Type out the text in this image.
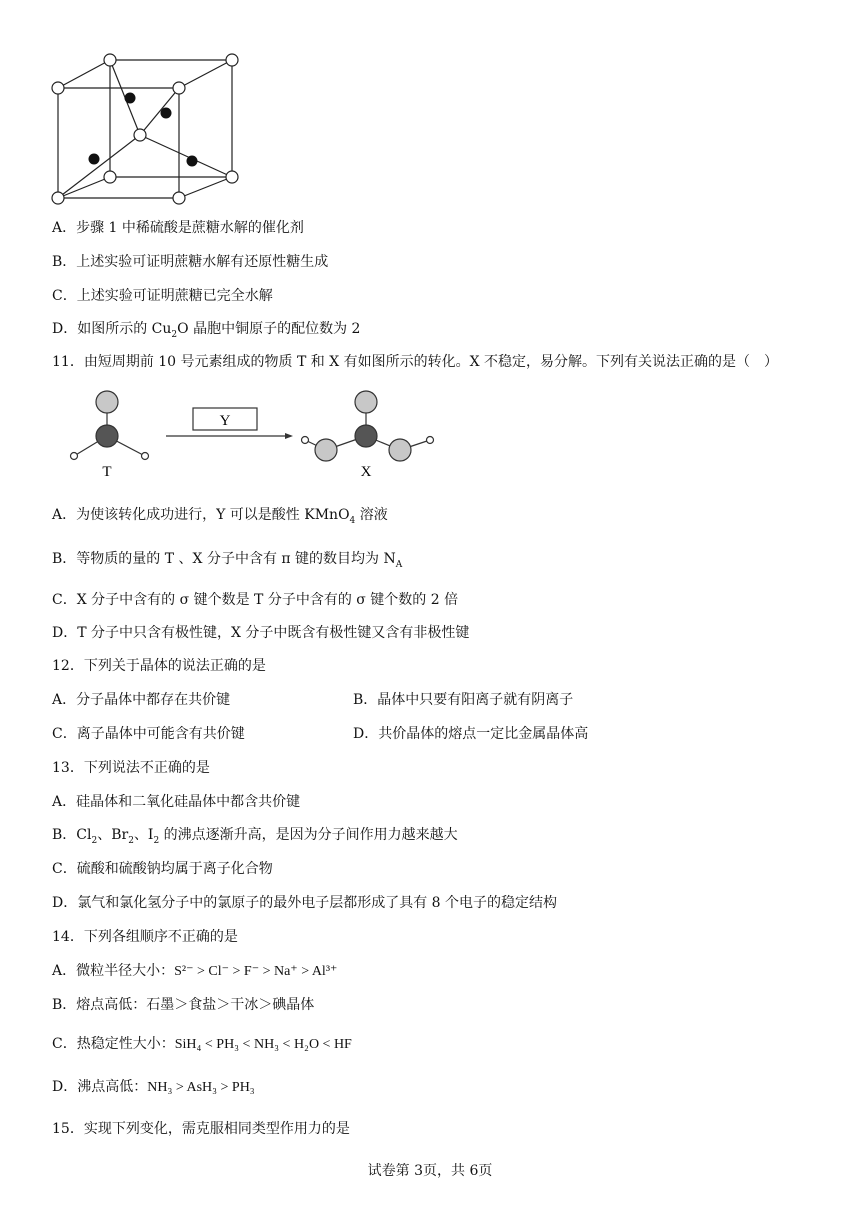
A．步骤 1 中稀硫酸是蔗糖水解的催化剂
B．上述实验可证明蔗糖水解有还原性糖生成
C．上述实验可证明蔗糖已完全水解
D．如图所示的 $Cu_2O$ 晶胞中铜原子的配位数为 2
11．由短周期前 10 号元素组成的物质 T 和 X 有如图所示的转化。X 不稳定，易分解。下列有关说法正确的是（　）
Y
T	X
A．为使该转化成功进行，Y 可以是酸性 KMnO$_4$ 溶液
B．等物质的量的 T 、X 分子中含有 π 键的数目均为 $N_A$
C．X 分子中含有的 σ 键个数是 T 分子中含有的 σ 键个数的 2 倍
D．T 分子中只含有极性键，X 分子中既含有极性键又含有非极性键
12．下列关于晶体的说法正确的是
A．分子晶体中都存在共价键	B．晶体中只要有阳离子就有阴离子
C．离子晶体中可能含有共价键	D．共价晶体的熔点一定比金属晶体高
13．下列说法不正确的是
A．硅晶体和二氧化硅晶体中都含共价键
B．$Cl_2$、$Br_2$、$I_2$ 的沸点逐渐升高，是因为分子间作用力越来越大
C．硫酸和硫酸钠均属于离子化合物
D．氯气和氯化氢分子中的氯原子的最外电子层都形成了具有 8 个电子的稳定结构
14．下列各组顺序不正确的是
A．微粒半径大小：S²⁻ > Cl⁻ > F⁻ > Na⁺ > Al³⁺
B．熔点高低：石墨＞食盐＞干冰＞碘晶体
C．热稳定性大小：SiH₄ < PH₃ < NH₃ < H₂O < HF
D．沸点高低：NH₃ > AsH₃ > PH₃
15．实现下列变化，需克服相同类型作用力的是
试卷第 3页，共 6页
